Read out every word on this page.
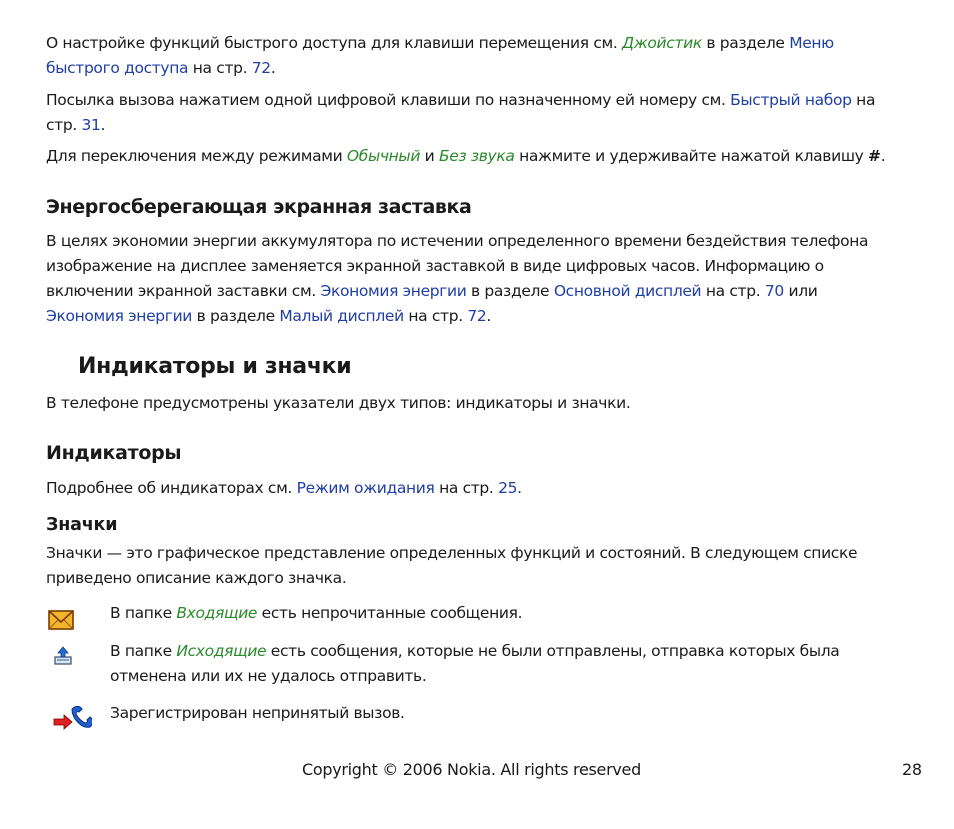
О настройке функций быстрого доступа для клавиши перемещения см. Джойстик в разделе Меню
быстрого доступа на стр. 72.

Посылка вызова нажатием одной цифровой клавиши по назначенному ей номеру см. Быстрый набор на
стр. 31.

Для переключения между режимами Обычный и Без звука нажмите и удерживайте нажатой клавишу #.

Энергосберегающая экранная заставка

В целях экономии энергии аккумулятора по истечении определенного времени бездействия телефона
изображение на дисплее заменяется экранной заставкой в виде цифровых часов. Информацию о
включении экранной заставки см. Экономия энергии в разделе Основной дисплей на стр. 70 или
Экономия энергии в разделе Малый дисплей на стр. 72.

Индикаторы и значки

В телефоне предусмотрены указатели двух типов: индикаторы и значки.

Индикаторы

Подробнее об индикаторах см. Режим ожидания на стр. 25.

Значки

Значки — это графическое представление определенных функций и состояний. В следующем списке
приведено описание каждого значка.

В папке Входящие есть непрочитанные сообщения.

В папке Исходящие есть сообщения, которые не были отправлены, отправка которых была
отменена или их не удалось отправить.

Зарегистрирован непринятый вызов.

Copyright © 2006 Nokia. All rights reserved	28
